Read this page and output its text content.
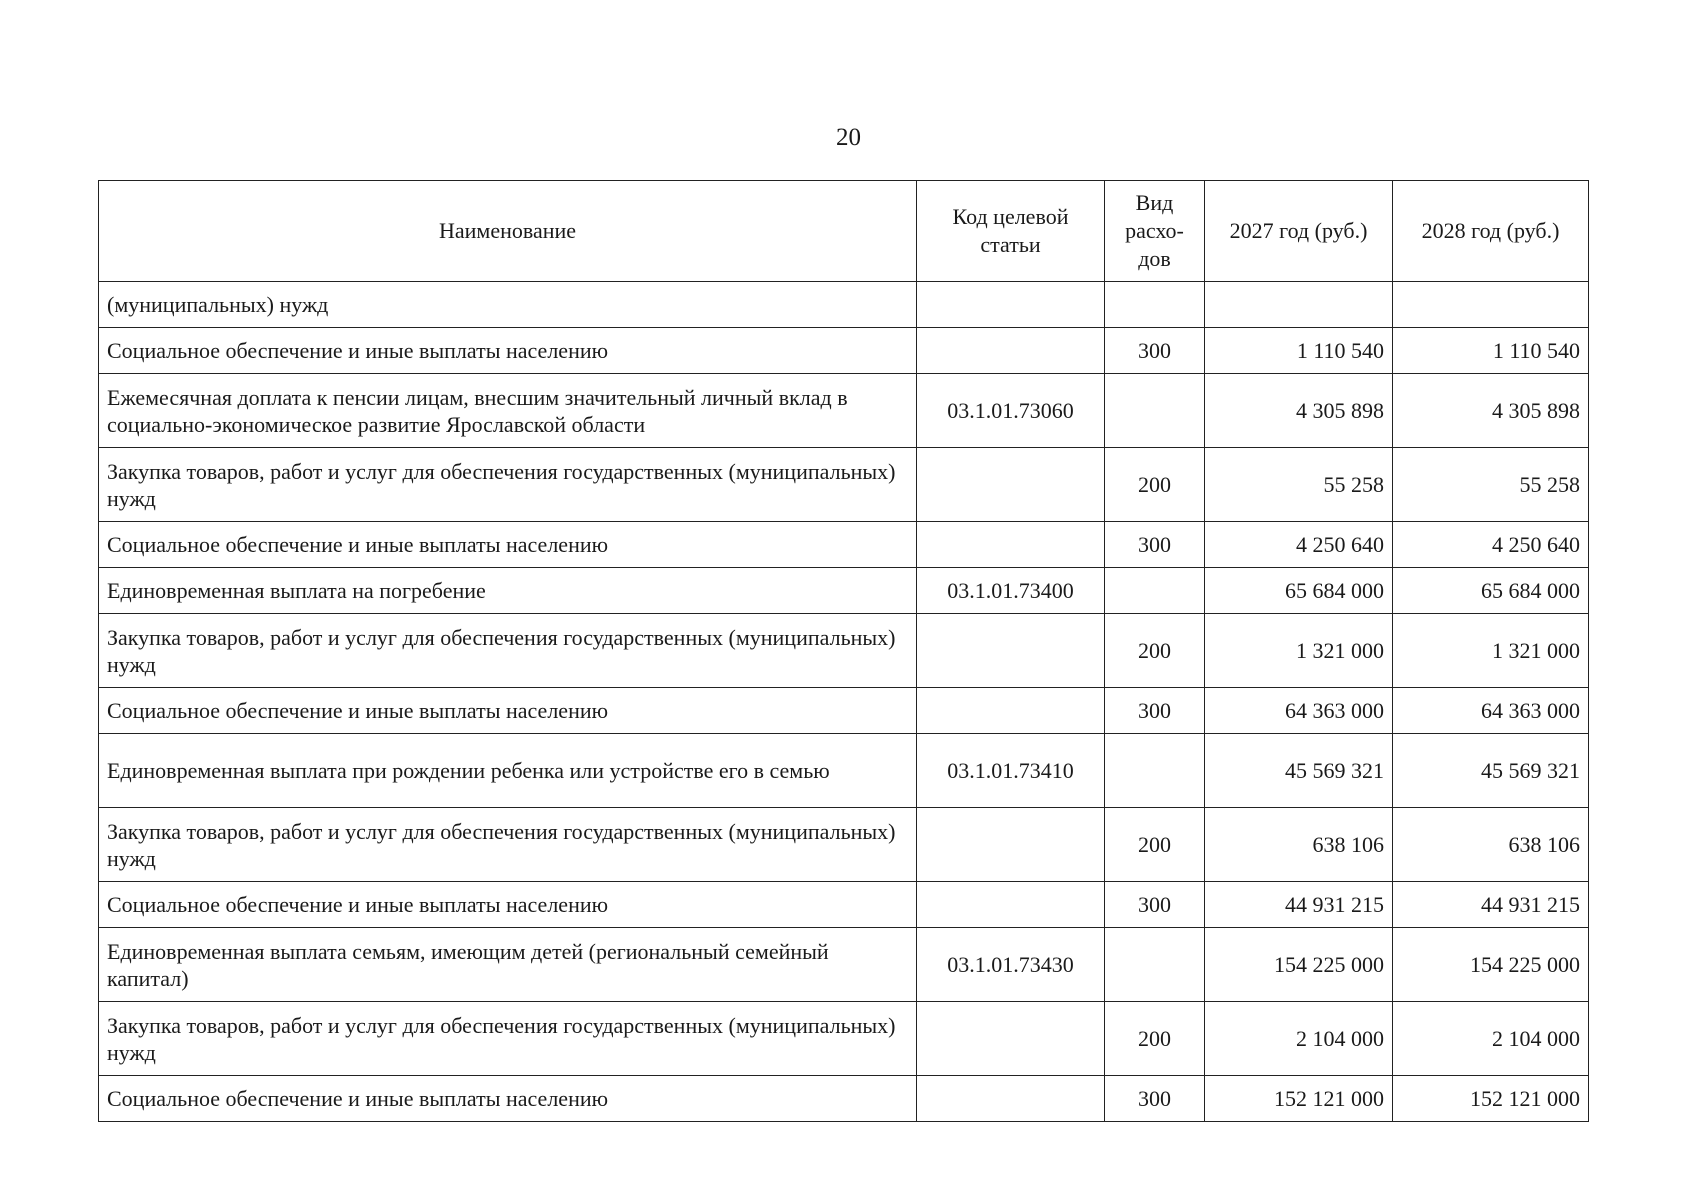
20
Наименование	Код целевой статьи	Вид расхо-дов	2027 год (руб.)	2028 год (руб.)
(муниципальных) нужд				
Социальное обеспечение и иные выплаты населению		300	1 110 540	1 110 540
Ежемесячная доплата к пенсии лицам, внесшим значительный личный вклад в социально-экономическое развитие Ярославской области	03.1.01.73060		4 305 898	4 305 898
Закупка товаров, работ и услуг для обеспечения государственных (муниципальных) нужд		200	55 258	55 258
Социальное обеспечение и иные выплаты населению		300	4 250 640	4 250 640
Единовременная выплата на погребение	03.1.01.73400		65 684 000	65 684 000
Закупка товаров, работ и услуг для обеспечения государственных (муниципальных) нужд		200	1 321 000	1 321 000
Социальное обеспечение и иные выплаты населению		300	64 363 000	64 363 000
Единовременная выплата при рождении ребенка или устройстве его в семью	03.1.01.73410		45 569 321	45 569 321
Закупка товаров, работ и услуг для обеспечения государственных (муниципальных) нужд		200	638 106	638 106
Социальное обеспечение и иные выплаты населению		300	44 931 215	44 931 215
Единовременная выплата семьям, имеющим детей (региональный семейный капитал)	03.1.01.73430		154 225 000	154 225 000
Закупка товаров, работ и услуг для обеспечения государственных (муниципальных) нужд		200	2 104 000	2 104 000
Социальное обеспечение и иные выплаты населению		300	152 121 000	152 121 000
